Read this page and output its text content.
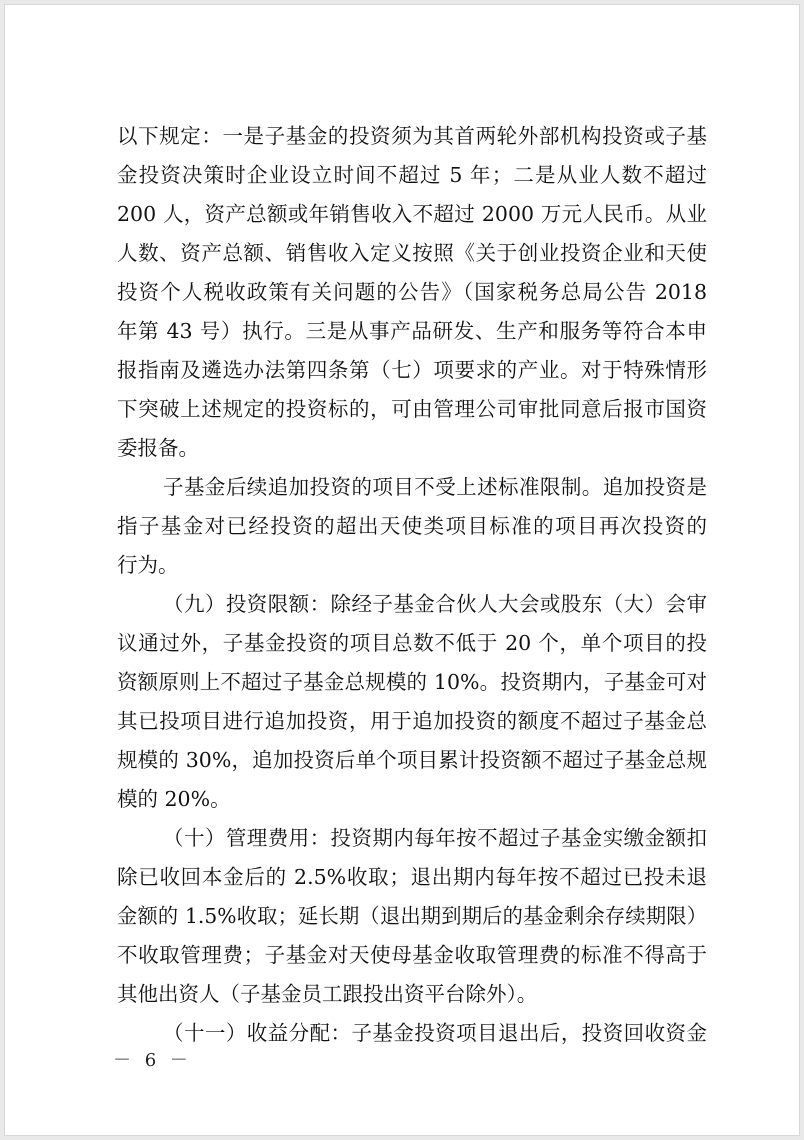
以下规定：一是子基金的投资须为其首两轮外部机构投资或子基
金投资决策时企业设立时间不超过 5 年；二是从业人数不超过
200 人，资产总额或年销售收入不超过 2000 万元人民币。从业
人数、资产总额、销售收入定义按照《关于创业投资企业和天使
投资个人税收政策有关问题的公告》（国家税务总局公告 2018
年第 43 号）执行。三是从事产品研发、生产和服务等符合本申
报指南及遴选办法第四条第（七）项要求的产业。对于特殊情形
下突破上述规定的投资标的，可由管理公司审批同意后报市国资
委报备。
子基金后续追加投资的项目不受上述标准限制。追加投资是
指子基金对已经投资的超出天使类项目标准的项目再次投资的
行为。
（九）投资限额：除经子基金合伙人大会或股东（大）会审
议通过外，子基金投资的项目总数不低于 20 个，单个项目的投
资额原则上不超过子基金总规模的 10%。投资期内，子基金可对
其已投项目进行追加投资，用于追加投资的额度不超过子基金总
规模的 30%，追加投资后单个项目累计投资额不超过子基金总规
模的 20%。
（十）管理费用：投资期内每年按不超过子基金实缴金额扣
除已收回本金后的 2.5%收取；退出期内每年按不超过已投未退
金额的 1.5%收取；延长期（退出期到期后的基金剩余存续期限）
不收取管理费；子基金对天使母基金收取管理费的标准不得高于
其他出资人（子基金员工跟投出资平台除外）。
（十一）收益分配：子基金投资项目退出后，投资回收资金
－ 6 －
